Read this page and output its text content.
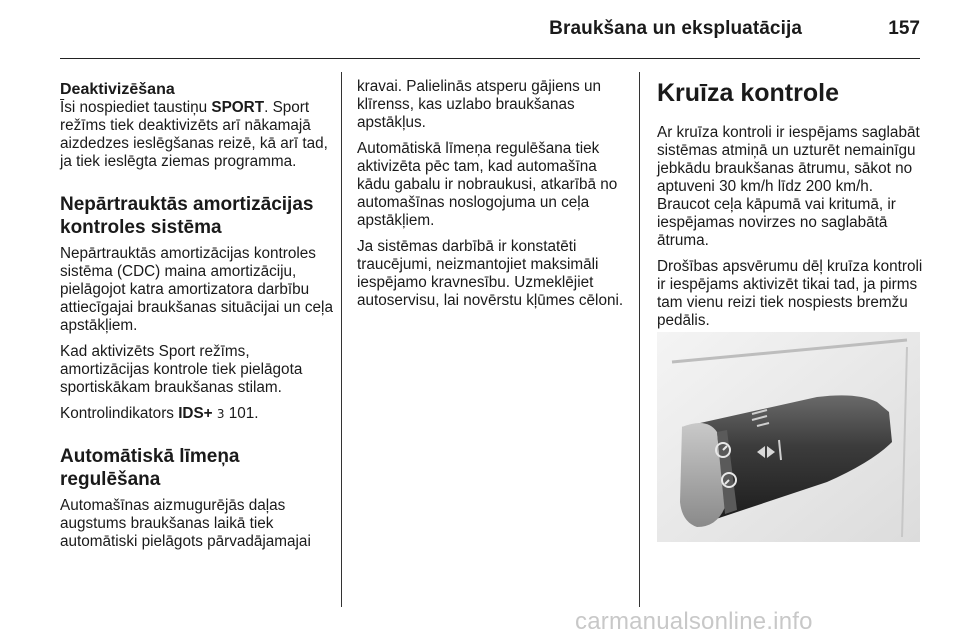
Braukšana un ekspluatācija	157
Deaktivizēšana

Īsi nospiediet taustiņu SPORT. Sport režīms tiek deaktivizēts arī nākamajā aizdedzes ieslēgšanas reizē, kā arī tad, ja tiek ieslēgta ziemas programma.

Nepārtrauktās amortizācijas kontroles sistēma

Nepārtrauktās amortizācijas kontroles sistēma (CDC) maina amortizāciju, pielāgojot katra amortizatora darbību attiecīgajai braukšanas situācijai un ceļa apstākļiem.

Kad aktivizēts Sport režīms, amortizācijas kontrole tiek pielāgota sportiskākam braukšanas stilam.

Kontrolindikators IDS+ 3 101.

Automātiskā līmeņa regulēšana

Automašīnas aizmugurējās daļas augstums braukšanas laikā tiek automātiski pielāgots pārvadājamajai

kravai. Palielinās atsperu gājiens un klīrenss, kas uzlabo braukšanas apstākļus.

Automātiskā līmeņa regulēšana tiek aktivizēta pēc tam, kad automašīna kādu gabalu ir nobraukusi, atkarībā no automašīnas noslogojuma un ceļa apstākļiem.

Ja sistēmas darbībā ir konstatēti traucējumi, neizmantojiet maksimāli iespējamo kravnesību. Uzmeklējiet autoservisu, lai novērstu kļūmes cēloni.

Kruīza kontrole

Ar kruīza kontroli ir iespējams saglabāt sistēmas atmiņā un uzturēt nemainīgu jebkādu braukšanas ātrumu, sākot no aptuveni 30 km/h līdz 200 km/h. Braucot ceļa kāpumā vai kritumā, ir iespējamas novirzes no saglabātā ātruma.

Drošības apsvērumu dēļ kruīza kontroli ir iespējams aktivizēt tikai tad, ja pirms tam vienu reizi tiek nospiests bremžu pedālis.

carmanualsonline.info
